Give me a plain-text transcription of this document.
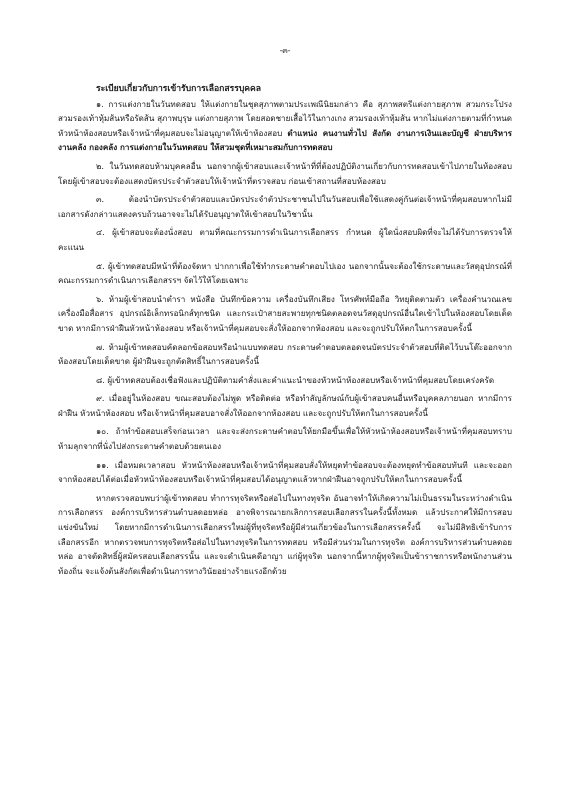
-๓-
ระเบียบเกี่ยวกับการเข้ารับการเลือกสรรบุคคล

๑. การแต่งกายในวันทดสอบ ให้แต่งกายในชุดสุภาพตามประเพณีนิยมกล่าว คือ สุภาพสตรีแต่งกายสุภาพ สวมกระโปรง สวมรองเท้าหุ้มส้นหรือรัดส้น สุภาพบุรุษ แต่งกายสุภาพ โดยสอดชายเสื้อไว้ในกางเกง สวมรองเท้าหุ้มส้น หากไม่แต่งกายตามที่กำหนดหัวหน้าห้องสอบหรือเจ้าหน้าที่คุมสอบจะไม่อนุญาตให้เข้าห้องสอบ ตำแหน่ง คนงานทั่วไป สังกัด งานการเงินและบัญชี ฝ่ายบริหารงานคลัง กองคลัง การแต่งกายในวันทดสอบ ให้สวมชุดที่เหมาะสมกับการทดสอบ

๒. ในวันทดสอบห้ามบุคคลอื่น นอกจากผู้เข้าสอบและเจ้าหน้าที่ที่ต้องปฏิบัติงานเกี่ยวกับการทดสอบเข้าไปภายในห้องสอบ โดยผู้เข้าสอบจะต้องแสดงบัตรประจำตัวสอบให้เจ้าหน้าที่ตรวจสอบ ก่อนเข้าสถานที่สอบห้องสอบ

๓. ต้องนำบัตรประจำตัวสอบและบัตรประจำตัวประชาชนไปในวันสอบเพื่อใช้แสดงคู่กันต่อเจ้าหน้าที่คุมสอบหากไม่มีเอกสารดังกล่าวแสดงครบถ้วนอาจจะไม่ได้รับอนุญาตให้เข้าสอบในวิชานั้น

๔. ผู้เข้าสอบจะต้องนั่งสอบ ตามที่คณะกรรมการดำเนินการเลือกสรร กำหนด ผู้ใดนั่งสอบผิดที่จะไม่ได้รับการตรวจให้คะแนน

๕. ผู้เข้าทดสอบมีหน้าที่ต้องจัดหา ปากกาเพื่อใช้ทำกระดาษคำตอบไปเอง นอกจากนั้นจะต้องใช้กระดาษและวัสดุอุปกรณ์ที่คณะกรรมการดำเนินการเลือกสรรฯ จัดไว้ให้โดยเฉพาะ

๖. ห้ามผู้เข้าสอบนำตำรา หนังสือ บันทึกข้อความ เครื่องบันทึกเสียง โทรศัพท์มือถือ วิทยุติดตามตัว เครื่องคำนวณเลข เครื่องมือสื่อสาร อุปกรณ์อิเล็กทรอนิกส์ทุกชนิด และกระเป๋าสายสะพายทุกชนิดตลอดจนวัสดุอุปกรณ์อื่นใดเข้าไปในห้องสอบโดยเด็ดขาด หากมีการฝ่าฝืนหัวหน้าห้องสอบ หรือเจ้าหน้าที่คุมสอบจะสั่งให้ออกจากห้องสอบ และจะถูกปรับให้ตกในการสอบครั้งนี้

๗. ห้ามผู้เข้าทดสอบคัดลอกข้อสอบหรือนำแบบทดสอบ กระดาษคำตอบตลอดจนบัตรประจำตัวสอบที่ติดไว้บนโต๊ะออกจากห้องสอบโดยเด็ดขาด ผู้ฝ่าฝืนจะถูกตัดสิทธิ์ในการสอบครั้งนี้

๘. ผู้เข้าทดสอบต้องเชื่อฟังและปฏิบัติตามคำสั่งและคำแนะนำของหัวหน้าห้องสอบหรือเจ้าหน้าที่คุมสอบโดยเคร่งครัด

๙. เมื่ออยู่ในห้องสอบ ขณะสอบต้องไม่พูด หรือติดต่อ หรือทำสัญลักษณ์กับผู้เข้าสอบคนอื่นหรือบุคคลภายนอก หากมีการฝ่าฝืน หัวหน้าห้องสอบ หรือเจ้าหน้าที่คุมสอบอาจสั่งให้ออกจากห้องสอบ และจะถูกปรับให้ตกในการสอบครั้งนี้

๑๐. ถ้าทำข้อสอบเสร็จก่อนเวลา และจะส่งกระดาษคำตอบให้ยกมือขึ้นเพื่อให้หัวหน้าห้องสอบหรือเจ้าหน้าที่คุมสอบทราบ ห้ามลุกจากที่นั่งไปส่งกระดาษคำตอบด้วยตนเอง

๑๑. เมื่อหมดเวลาสอบ หัวหน้าห้องสอบหรือเจ้าหน้าที่คุมสอบสั่งให้หยุดทำข้อสอบจะต้องหยุดทำข้อสอบทันที และจะออกจากห้องสอบได้ต่อเมื่อหัวหน้าห้องสอบหรือเจ้าหน้าที่คุมสอบได้อนุญาตแล้วหากฝ่าฝืนอาจถูกปรับให้ตกในการสอบครั้งนี้

หากตรวจสอบพบว่าผู้เข้าทดสอบ ทำการทุจริตหรือส่อไปในทางทุจริต อันอาจทำให้เกิดความไม่เป็นธรรมในระหว่างดำเนินการเลือกสรร องค์การบริหารส่วนตำบลดอยหล่อ อาจพิจารณายกเลิกการสอบเลือกสรรในครั้งนี้ทั้งหมด แล้วประกาศให้มีการสอบแข่งขันใหม่ โดยหากมีการดำเนินการเลือกสรรใหม่ผู้ที่ทุจริตหรือผู้มีส่วนเกี่ยวข้องในการเลือกสรรครั้งนี้ จะไม่มีสิทธิเข้ารับการเลือกสรรอีก หากตรวจพบการทุจริตหรือส่อไปในทางทุจริตในการทดสอบ หรือมีส่วนร่วมในการทุจริต องค์การบริหารส่วนตำบลดอยหล่อ อาจตัดสิทธิ์ผู้สมัครสอบเลือกสรรนั้น และจะดำเนินคดีอาญา แก่ผู้ทุจริต นอกจากนี้หากผู้ทุจริตเป็นข้าราชการหรือพนักงานส่วนท้องถิ่น จะแจ้งต้นสังกัดเพื่อดำเนินการทางวินัยอย่างร้ายแรงอีกด้วย
